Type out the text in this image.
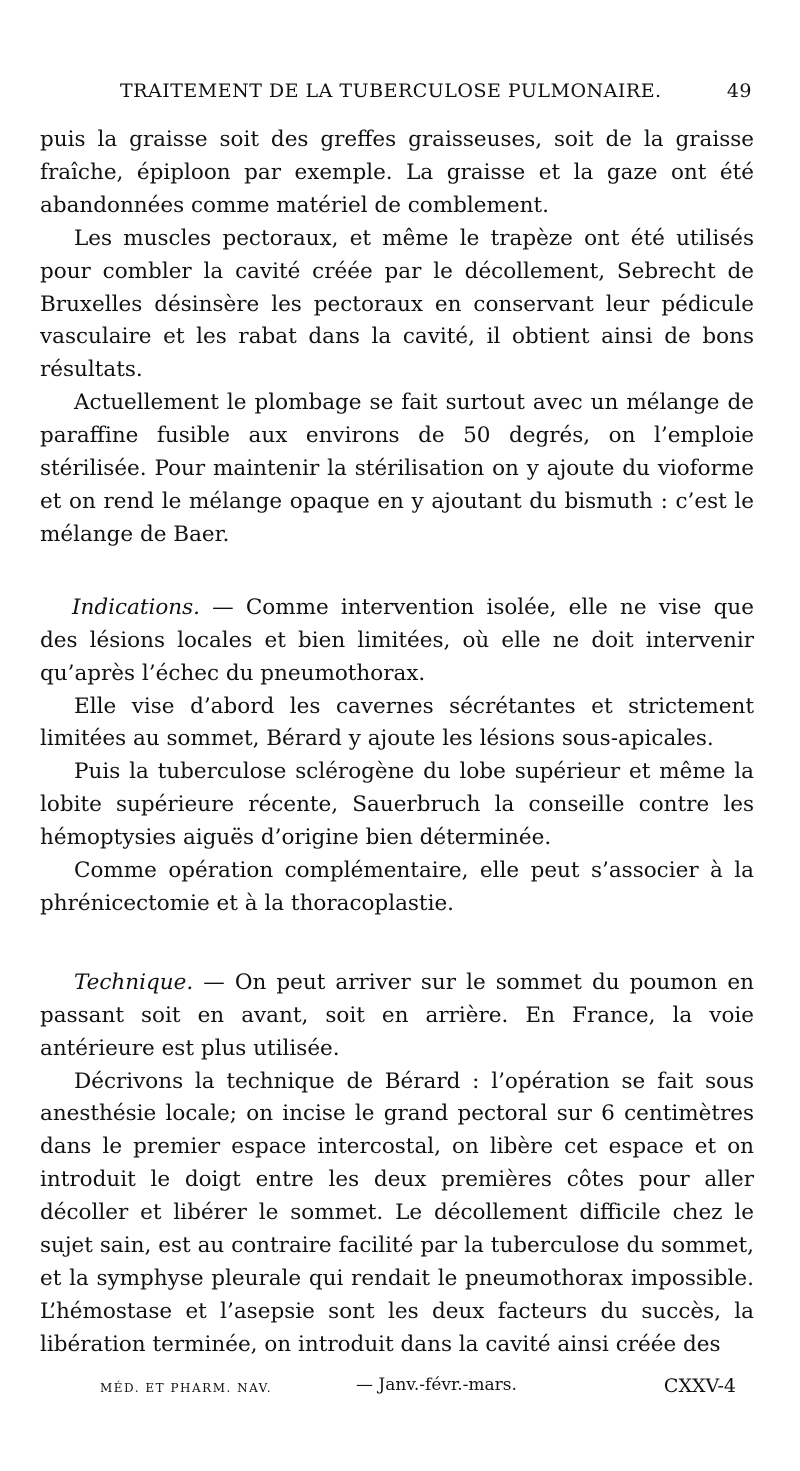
TRAITEMENT DE LA TUBERCULOSE PULMONAIRE.	49

puis la graisse soit des greffes graisseuses, soit de la graisse fraîche, épiploon par exemple. La graisse et la gaze ont été abandonnées comme matériel de comblement.

Les muscles pectoraux, et même le trapèze ont été utilisés pour combler la cavité créée par le décollement, Sebrecht de Bruxelles désinsère les pectoraux en conservant leur pédicule vasculaire et les rabat dans la cavité, il obtient ainsi de bons résultats.

Actuellement le plombage se fait surtout avec un mélange de paraffine fusible aux environs de 50 degrés, on l’emploie stérilisée. Pour maintenir la stérilisation on y ajoute du vioforme et on rend le mélange opaque en y ajoutant du bismuth : c’est le mélange de Baer.

Indications. — Comme intervention isolée, elle ne vise que des lésions locales et bien limitées, où elle ne doit intervenir qu’après l’échec du pneumothorax.

Elle vise d’abord les cavernes sécrétantes et strictement limitées au sommet, Bérard y ajoute les lésions sous-apicales.

Puis la tuberculose sclérogène du lobe supérieur et même la lobite supérieure récente, Sauerbruch la conseille contre les hémoptysies aiguës d’origine bien déterminée.

Comme opération complémentaire, elle peut s’associer à la phrénicectomie et à la thoracoplastie.

Technique. — On peut arriver sur le sommet du poumon en passant soit en avant, soit en arrière. En France, la voie antérieure est plus utilisée.

Décrivons la technique de Bérard : l’opération se fait sous anesthésie locale; on incise le grand pectoral sur 6 centimètres dans le premier espace intercostal, on libère cet espace et on introduit le doigt entre les deux premières côtes pour aller décoller et libérer le sommet. Le décollement difficile chez le sujet sain, est au contraire facilité par la tuberculose du sommet, et la symphyse pleurale qui rendait le pneumothorax impossible. L’hémostase et l’asepsie sont les deux facteurs du succès, la libération terminée, on introduit dans la cavité ainsi créée des

MÉD. ET PHARM. NAV.	— Janv.-févr.-mars.	CXXV-4
